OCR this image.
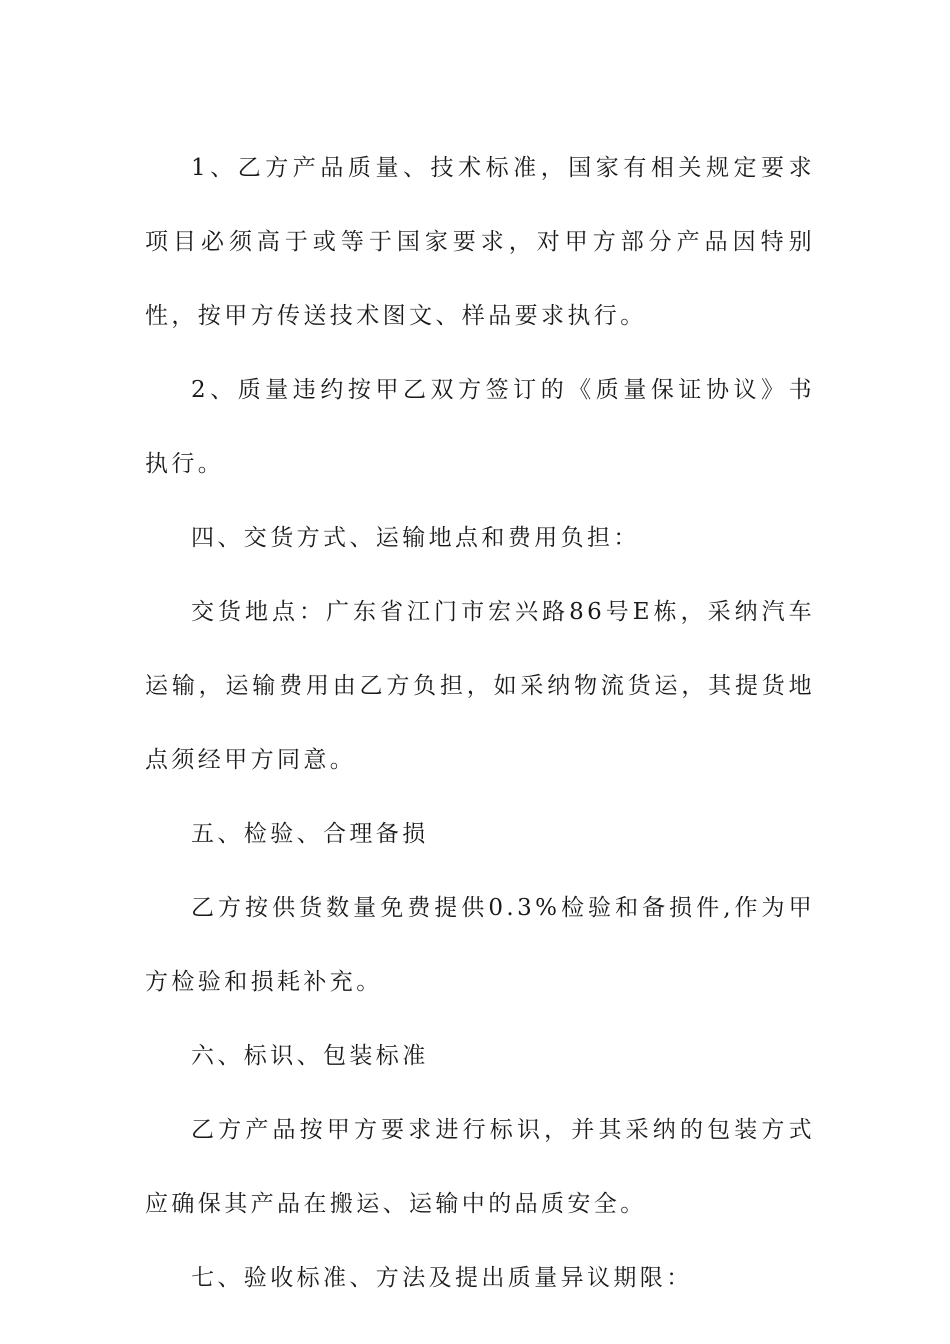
1、乙方产品质量、技术标准，国家有相关规定要求项目必须高于或等于国家要求，对甲方部分产品因特别性，按甲方传送技术图文、样品要求执行。

2、质量违约按甲乙双方签订的《质量保证协议》书执行。

四、交货方式、运输地点和费用负担：

交货地点：广东省江门市宏兴路86号E栋，采纳汽车运输，运输费用由乙方负担，如采纳物流货运，其提货地点须经甲方同意。

五、检验、合理备损

乙方按供货数量免费提供0.3%检验和备损件,作为甲方检验和损耗补充。

六、标识、包装标准

乙方产品按甲方要求进行标识，并其采纳的包装方式应确保其产品在搬运、运输中的品质安全。

七、验收标准、方法及提出质量异议期限：
